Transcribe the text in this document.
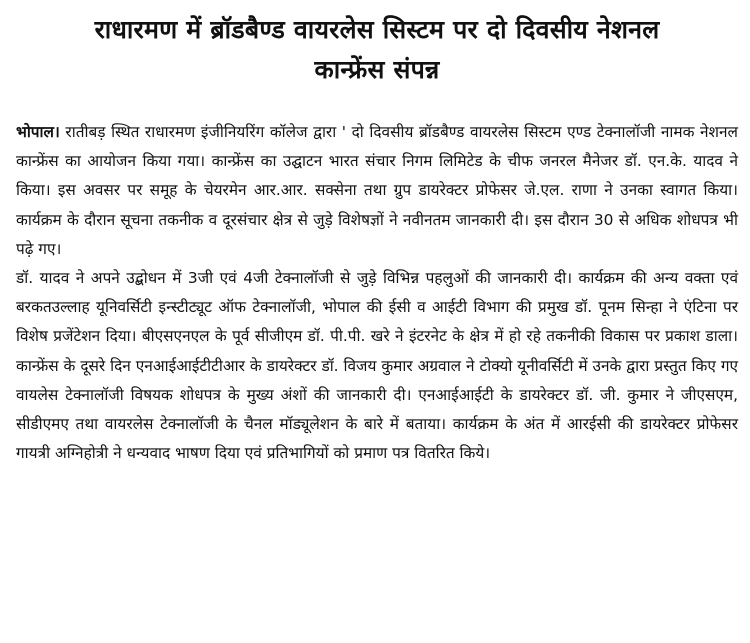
राधारमण में ब्रॉडबैण्ड वायरलेस सिस्टम पर दो दिवसीय नेशनल
कान्फ्रेंस संपन्न

भोपाल। रातीबड़ स्थित राधारमण इंजीनियरिंग कॉलेज द्वारा ' दो दिवसीय ब्रॉडबैण्ड वायरलेस सिस्टम एण्ड टेक्नालॉजी नामक नेशनल कान्फ्रेंस का आयोजन किया गया। कान्फ्रेंस का उद्घाटन भारत संचार निगम लिमिटेड के चीफ जनरल मैनेजर डॉ. एन.के. यादव ने किया। इस अवसर पर समूह के चेयरमेन आर.आर. सक्सेना तथा ग्रुप डायरेक्टर प्रोफेसर जे.एल. राणा ने उनका स्वागत किया। कार्यक्रम के दौरान सूचना तकनीक व दूरसंचार क्षेत्र से जुड़े विशेषज्ञों ने नवीनतम जानकारी दी। इस दौरान 30 से अधिक शोधपत्र भी पढ़े गए।

डॉ. यादव ने अपने उद्बोधन में 3जी एवं 4जी टेक्नालॉजी से जुड़े विभिन्न पहलुओं की जानकारी दी। कार्यक्रम की अन्य वक्ता एवं बरकतउल्लाह यूनिवर्सिटी इन्स्टीट्यूट ऑफ टेक्नालॉजी, भोपाल की ईसी व आईटी विभाग की प्रमुख डॉ. पूनम सिन्हा ने एंटिना पर विशेष प्रजेंटेशन दिया। बीएसएनएल के पूर्व सीजीएम डॉ. पी.पी. खरे ने इंटरनेट के क्षेत्र में हो रहे तकनीकी विकास पर प्रकाश डाला। कान्फ्रेंस के दूसरे दिन एनआईआईटीटीआर के डायरेक्टर डॉ. विजय कुमार अग्रवाल ने टोक्यो यूनीवर्सिटी में उनके द्वारा प्रस्तुत किए गए वायलेस टेक्नालॉजी विषयक शोधपत्र के मुख्य अंशों की जानकारी दी। एनआईआईटी के डायरेक्टर डॉ. जी. कुमार ने जीएसएम, सीडीएमए तथा वायरलेस टेक्नालॉजी के चैनल मॉड्यूलेशन के बारे में बताया। कार्यक्रम के अंत में आरईसी की डायरेक्टर प्रोफेसर गायत्री अग्निहोत्री ने धन्यवाद भाषण दिया एवं प्रतिभागियों को प्रमाण पत्र वितरित किये।
